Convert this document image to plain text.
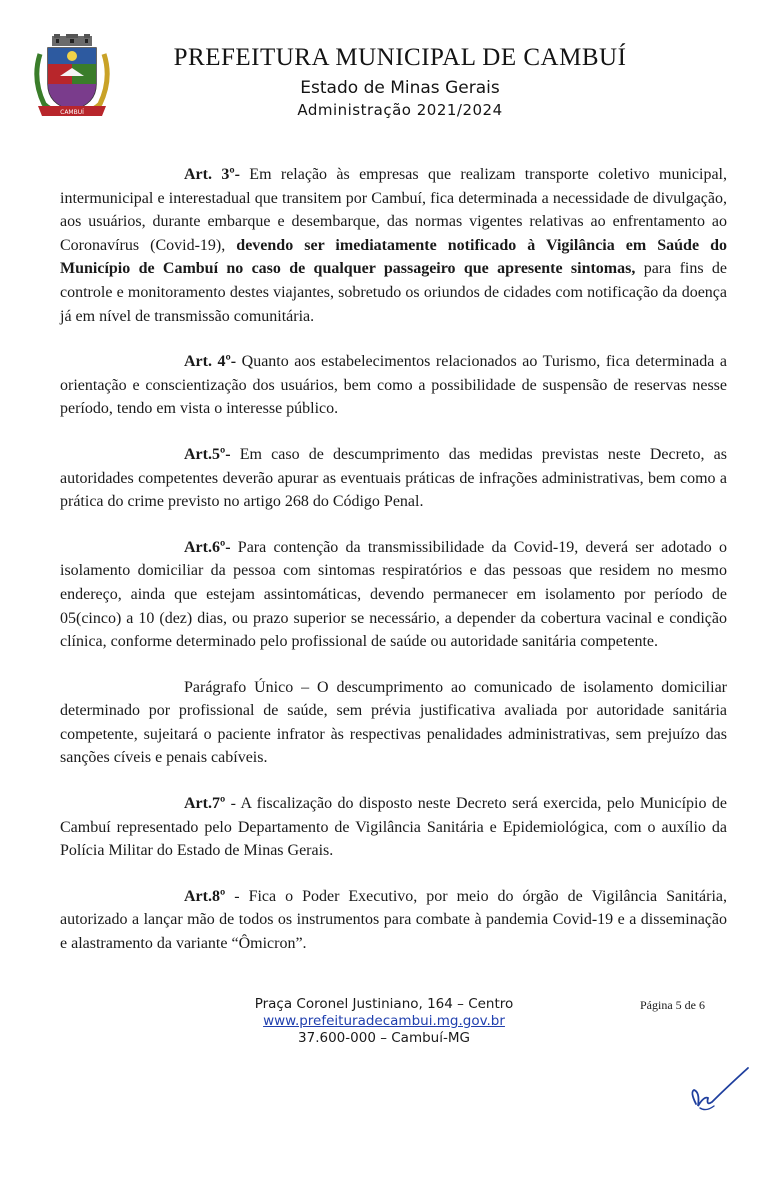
CAMBUÍ
PREFEITURA MUNICIPAL DE CAMBUÍ
Estado de Minas Gerais
Administração 2021/2024

Art. 3º- Em relação às empresas que realizam transporte coletivo municipal, intermunicipal e interestadual que transitem por Cambuí, fica determinada a necessidade de divulgação, aos usuários, durante embarque e desembarque, das normas vigentes relativas ao enfrentamento ao Coronavírus (Covid-19), devendo ser imediatamente notificado à Vigilância em Saúde do Município de Cambuí no caso de qualquer passageiro que apresente sintomas, para fins de controle e monitoramento destes viajantes, sobretudo os oriundos de cidades com notificação da doença já em nível de transmissão comunitária.

Art. 4º- Quanto aos estabelecimentos relacionados ao Turismo, fica determinada a orientação e conscientização dos usuários, bem como a possibilidade de suspensão de reservas nesse período, tendo em vista o interesse público.

Art.5º- Em caso de descumprimento das medidas previstas neste Decreto, as autoridades competentes deverão apurar as eventuais práticas de infrações administrativas, bem como a prática do crime previsto no artigo 268 do Código Penal.

Art.6º- Para contenção da transmissibilidade da Covid-19, deverá ser adotado o isolamento domiciliar da pessoa com sintomas respiratórios e das pessoas que residem no mesmo endereço, ainda que estejam assintomáticas, devendo permanecer em isolamento por período de 05(cinco) a 10 (dez) dias, ou prazo superior se necessário, a depender da cobertura vacinal e condição clínica, conforme determinado pelo profissional de saúde ou autoridade sanitária competente.

Parágrafo Único – O descumprimento ao comunicado de isolamento domiciliar determinado por profissional de saúde, sem prévia justificativa avaliada por autoridade sanitária competente, sujeitará o paciente infrator às respectivas penalidades administrativas, sem prejuízo das sanções cíveis e penais cabíveis.

Art.7º - A fiscalização do disposto neste Decreto será exercida, pelo Município de Cambuí representado pelo Departamento de Vigilância Sanitária e Epidemiológica, com o auxílio da Polícia Militar do Estado de Minas Gerais.

Art.8º - Fica o Poder Executivo, por meio do órgão de Vigilância Sanitária, autorizado a lançar mão de todos os instrumentos para combate à pandemia Covid-19 e a disseminação e alastramento da variante “Ômicron”.

Praça Coronel Justiniano, 164 – Centro
www.prefeituradecambui.mg.gov.br
37.600-000 – Cambuí-MG
Página 5 de 6
